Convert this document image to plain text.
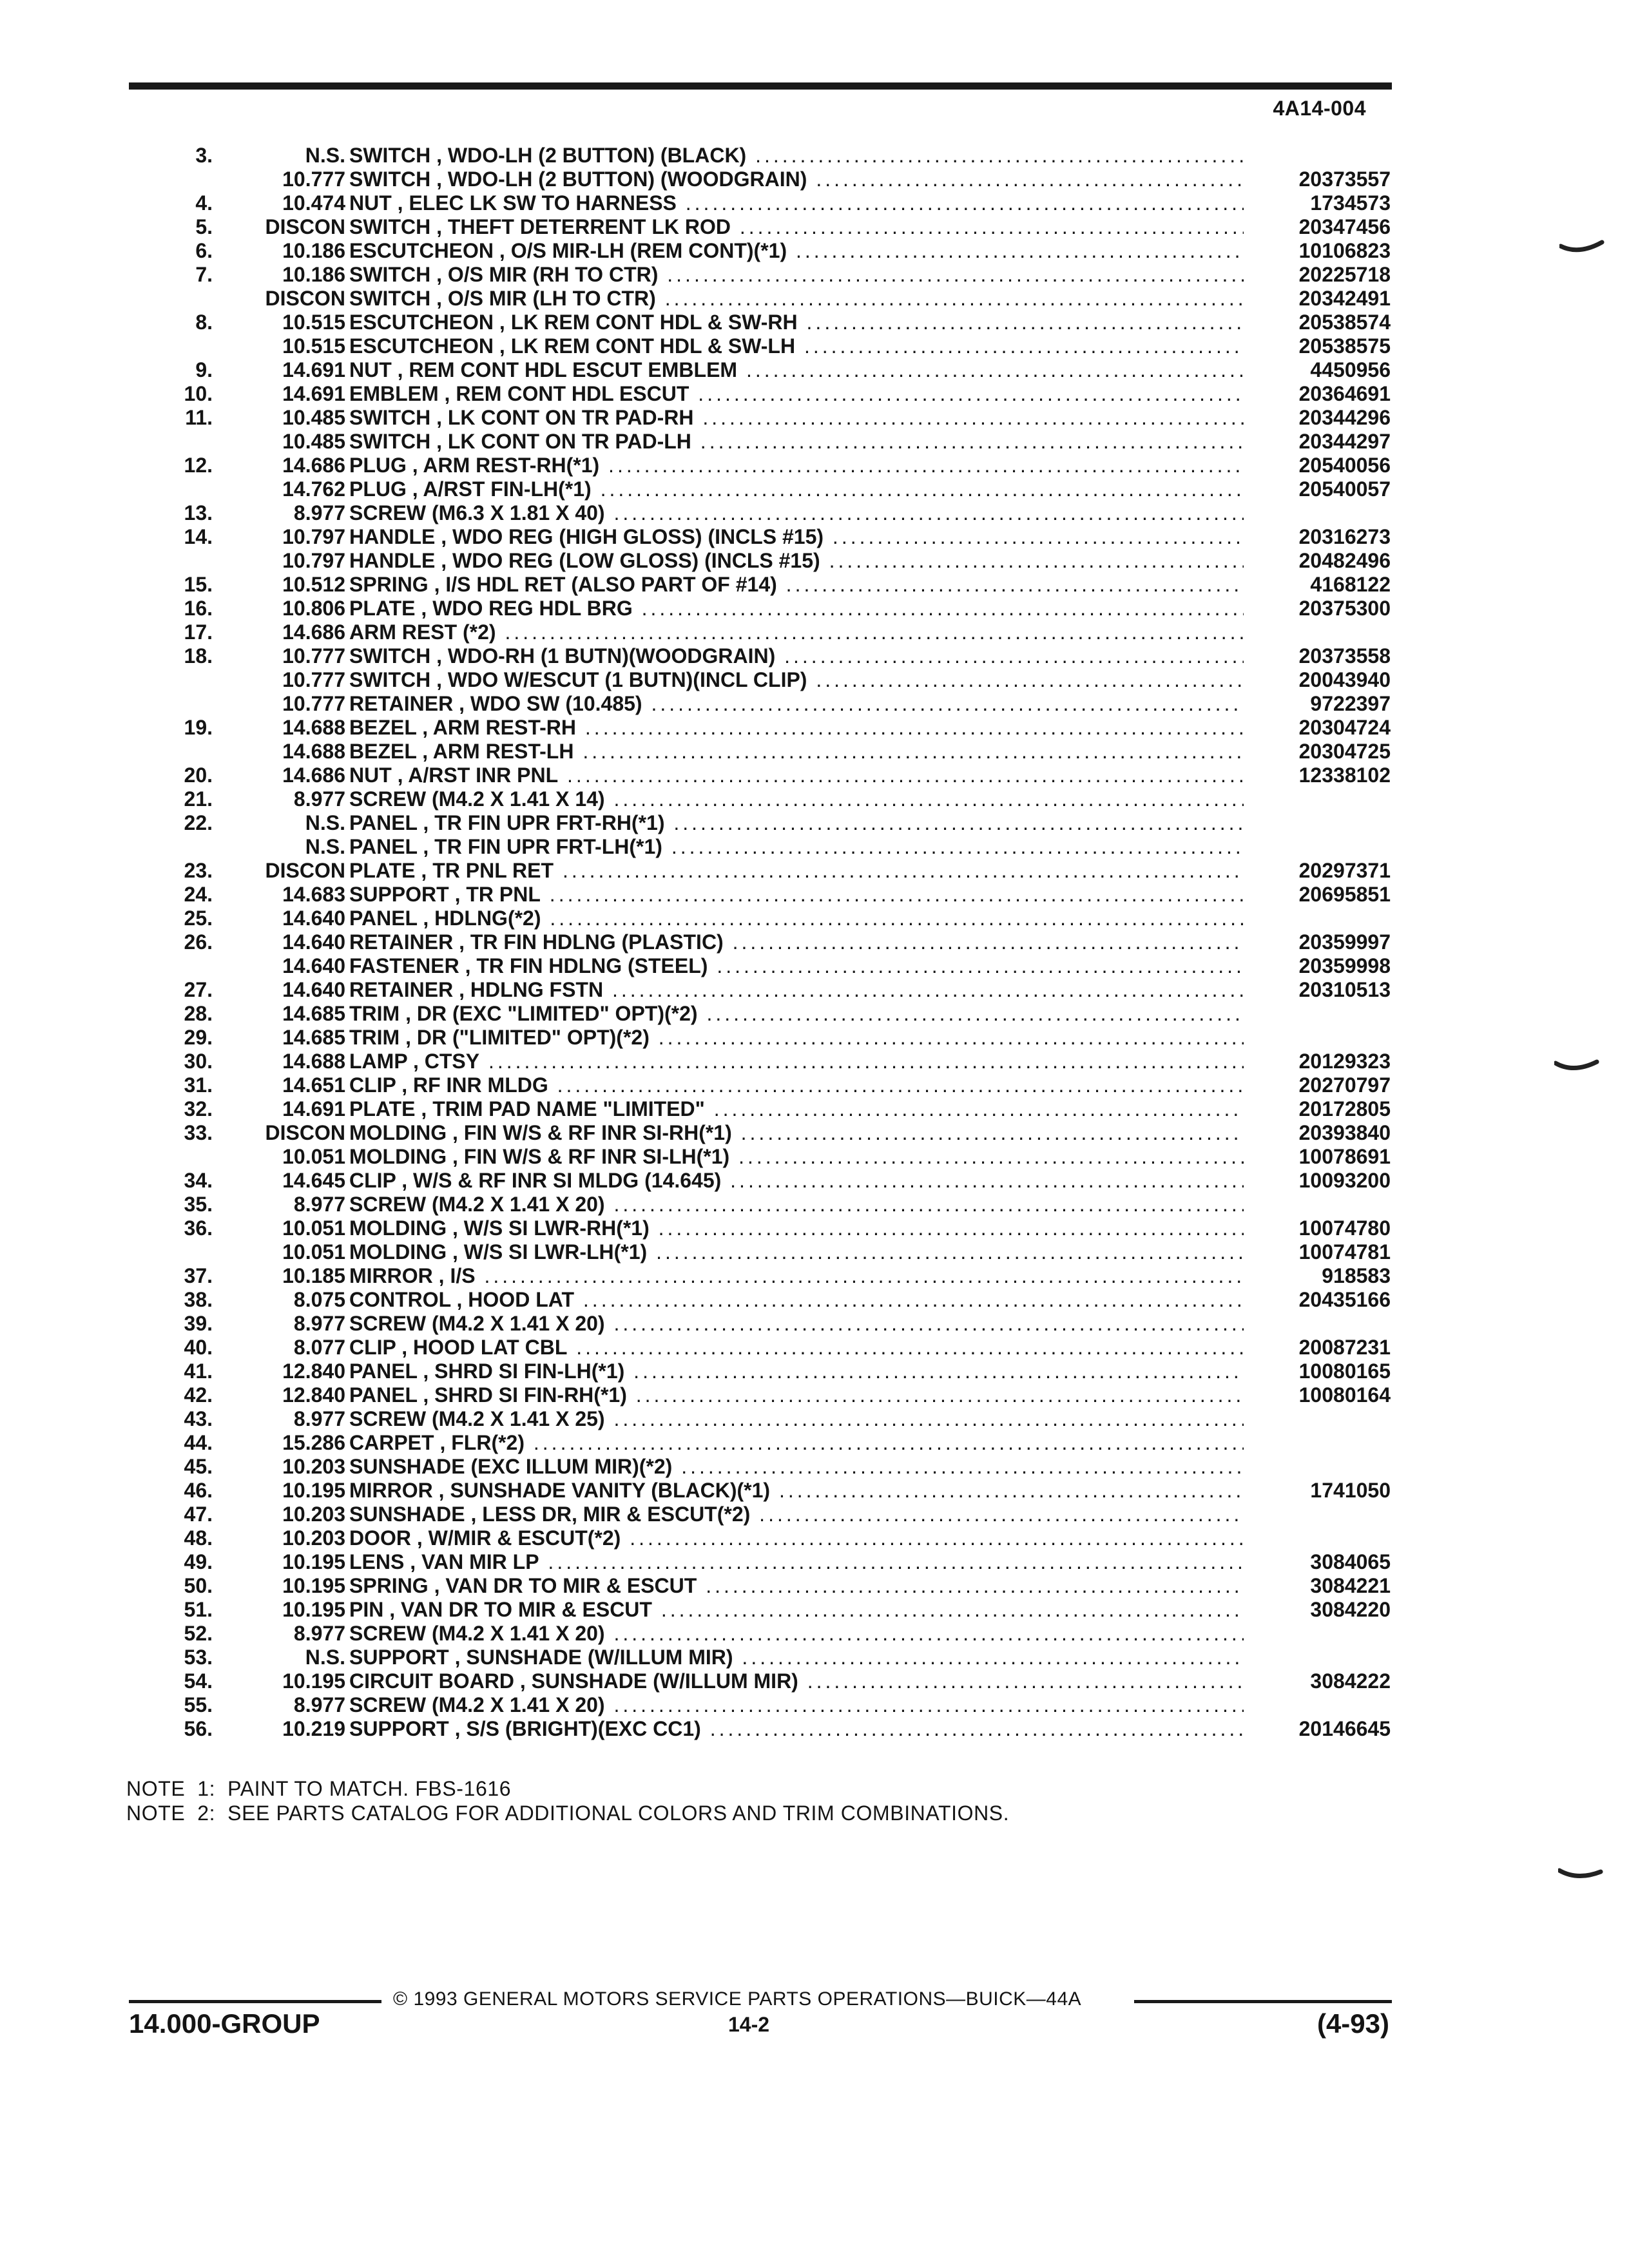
4A14-004
3.	N.S. SWITCH , WDO-LH (2 BUTTON) (BLACK) .....
10.777 SWITCH , WDO-LH (2 BUTTON) (WOODGRAIN) .....	20373557
4.	10.474 NUT , ELEC LK SW TO HARNESS .....	1734573
5.	DISCON SWITCH , THEFT DETERRENT LK ROD .....	20347456
6.	10.186 ESCUTCHEON , O/S MIR-LH (REM CONT)(*1) .....	10106823
7.	10.186 SWITCH , O/S MIR (RH TO CTR) .....	20225718
DISCON SWITCH , O/S MIR (LH TO CTR) .....	20342491
8.	10.515 ESCUTCHEON , LK REM CONT HDL & SW-RH .....	20538574
10.515 ESCUTCHEON , LK REM CONT HDL & SW-LH .....	20538575
9.	14.691 NUT , REM CONT HDL ESCUT EMBLEM .....	4450956
10.	14.691 EMBLEM , REM CONT HDL ESCUT .....	20364691
11.	10.485 SWITCH , LK CONT ON TR PAD-RH .....	20344296
10.485 SWITCH , LK CONT ON TR PAD-LH .....	20344297
12.	14.686 PLUG , ARM REST-RH(*1) .....	20540056
14.762 PLUG , A/RST FIN-LH(*1) .....	20540057
13.	8.977 SCREW (M6.3 X 1.81 X 40) .....
14.	10.797 HANDLE , WDO REG (HIGH GLOSS) (INCLS #15) .....	20316273
10.797 HANDLE , WDO REG (LOW GLOSS) (INCLS #15) .....	20482496
15.	10.512 SPRING , I/S HDL RET (ALSO PART OF #14) .....	4168122
16.	10.806 PLATE , WDO REG HDL BRG .....	20375300
17.	14.686 ARM REST (*2) .....
18.	10.777 SWITCH , WDO-RH (1 BUTN)(WOODGRAIN) .....	20373558
10.777 SWITCH , WDO W/ESCUT (1 BUTN)(INCL CLIP) .....	20043940
10.777 RETAINER , WDO SW (10.485) .....	9722397
19.	14.688 BEZEL , ARM REST-RH .....	20304724
14.688 BEZEL , ARM REST-LH .....	20304725
20.	14.686 NUT , A/RST INR PNL .....	12338102
21.	8.977 SCREW (M4.2 X 1.41 X 14) .....
22.	N.S. PANEL , TR FIN UPR FRT-RH(*1) .....
N.S. PANEL , TR FIN UPR FRT-LH(*1) .....
23.	DISCON PLATE , TR PNL RET .....	20297371
24.	14.683 SUPPORT , TR PNL .....	20695851
25.	14.640 PANEL , HDLNG(*2) .....
26.	14.640 RETAINER , TR FIN HDLNG (PLASTIC) .....	20359997
14.640 FASTENER , TR FIN HDLNG (STEEL) .....	20359998
27.	14.640 RETAINER , HDLNG FSTN .....	20310513
28.	14.685 TRIM , DR (EXC "LIMITED" OPT)(*2) .....
29.	14.685 TRIM , DR ("LIMITED" OPT)(*2) .....
30.	14.688 LAMP , CTSY .....	20129323
31.	14.651 CLIP , RF INR MLDG .....	20270797
32.	14.691 PLATE , TRIM PAD NAME "LIMITED" .....	20172805
33.	DISCON MOLDING , FIN W/S & RF INR SI-RH(*1) .....	20393840
10.051 MOLDING , FIN W/S & RF INR SI-LH(*1) .....	10078691
34.	14.645 CLIP , W/S & RF INR SI MLDG (14.645) .....	10093200
35.	8.977 SCREW (M4.2 X 1.41 X 20) .....
36.	10.051 MOLDING , W/S SI LWR-RH(*1) .....	10074780
10.051 MOLDING , W/S SI LWR-LH(*1) .....	10074781
37.	10.185 MIRROR , I/S .....	918583
38.	8.075 CONTROL , HOOD LAT .....	20435166
39.	8.977 SCREW (M4.2 X 1.41 X 20) .....
40.	8.077 CLIP , HOOD LAT CBL .....	20087231
41.	12.840 PANEL , SHRD SI FIN-LH(*1) .....	10080165
42.	12.840 PANEL , SHRD SI FIN-RH(*1) .....	10080164
43.	8.977 SCREW (M4.2 X 1.41 X 25) .....
44.	15.286 CARPET , FLR(*2) .....
45.	10.203 SUNSHADE (EXC ILLUM MIR)(*2) .....
46.	10.195 MIRROR , SUNSHADE VANITY (BLACK)(*1) .....	1741050
47.	10.203 SUNSHADE , LESS DR, MIR & ESCUT(*2) .....
48.	10.203 DOOR , W/MIR & ESCUT(*2) .....
49.	10.195 LENS , VAN MIR LP .....	3084065
50.	10.195 SPRING , VAN DR TO MIR & ESCUT .....	3084221
51.	10.195 PIN , VAN DR TO MIR & ESCUT .....	3084220
52.	8.977 SCREW (M4.2 X 1.41 X 20) .....
53.	N.S. SUPPORT , SUNSHADE (W/ILLUM MIR) .....
54.	10.195 CIRCUIT BOARD , SUNSHADE (W/ILLUM MIR) .....	3084222
55.	8.977 SCREW (M4.2 X 1.41 X 20) .....
56.	10.219 SUPPORT , S/S (BRIGHT)(EXC CC1) .....	20146645
NOTE  1:  PAINT TO MATCH. FBS-1616
NOTE  2:  SEE PARTS CATALOG FOR ADDITIONAL COLORS AND TRIM COMBINATIONS.
© 1993 GENERAL MOTORS SERVICE PARTS OPERATIONS—BUICK—44A
14.000-GROUP	14-2	(4-93)
